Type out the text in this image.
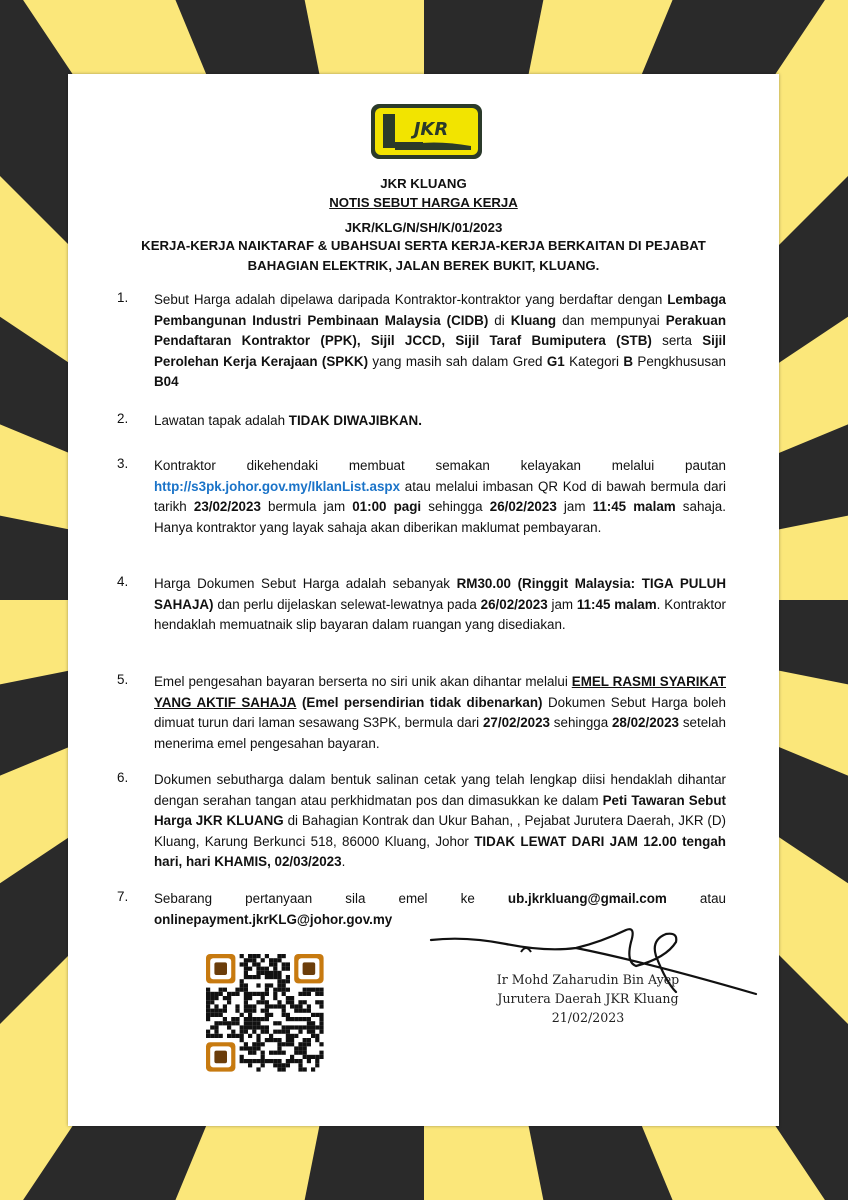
JKR
JKR KLUANG
NOTIS SEBUT HARGA KERJA
JKR/KLG/N/SH/K/01/2023
KERJA-KERJA NAIKTARAF & UBAHSUAI SERTA KERJA-KERJA BERKAITAN DI PEJABAT
BAHAGIAN ELEKTRIK, JALAN BEREK BUKIT, KLUANG.
1. Sebut Harga adalah dipelawa daripada Kontraktor-kontraktor yang berdaftar dengan Lembaga Pembangunan Industri Pembinaan Malaysia (CIDB) di Kluang dan mempunyai Perakuan Pendaftaran Kontraktor (PPK), Sijil JCCD, Sijil Taraf Bumiputera (STB) serta Sijil Perolehan Kerja Kerajaan (SPKK) yang masih sah dalam Gred G1 Kategori B Pengkhususan B04
2. Lawatan tapak adalah TIDAK DIWAJIBKAN.
3. Kontraktor dikehendaki membuat semakan kelayakan melalui pautan http://s3pk.johor.gov.my/IklanList.aspx atau melalui imbasan QR Kod di bawah bermula dari tarikh 23/02/2023 bermula jam 01:00 pagi sehingga 26/02/2023 jam 11:45 malam sahaja. Hanya kontraktor yang layak sahaja akan diberikan maklumat pembayaran.
4. Harga Dokumen Sebut Harga adalah sebanyak RM30.00 (Ringgit Malaysia: TIGA PULUH SAHAJA) dan perlu dijelaskan selewat-lewatnya pada 26/02/2023 jam 11:45 malam. Kontraktor hendaklah memuatnaik slip bayaran dalam ruangan yang disediakan.
5. Emel pengesahan bayaran berserta no siri unik akan dihantar melalui EMEL RASMI SYARIKAT YANG AKTIF SAHAJA (Emel persendirian tidak dibenarkan) Dokumen Sebut Harga boleh dimuat turun dari laman sesawang S3PK, bermula dari 27/02/2023 sehingga 28/02/2023 setelah menerima emel pengesahan bayaran.
6. Dokumen sebutharga dalam bentuk salinan cetak yang telah lengkap diisi hendaklah dihantar dengan serahan tangan atau perkhidmatan pos dan dimasukkan ke dalam Peti Tawaran Sebut Harga JKR KLUANG di Bahagian Kontrak dan Ukur Bahan, , Pejabat Jurutera Daerah, JKR (D) Kluang, Karung Berkunci 518, 86000 Kluang, Johor TIDAK LEWAT DARI JAM 12.00 tengah hari, hari KHAMIS, 02/03/2023.
7. Sebarang pertanyaan sila emel ke ub.jkrkluang@gmail.com atau onlinepayment.jkrKLG@johor.gov.my
Ir Mohd Zaharudin Bin Ayep
Jurutera Daerah JKR Kluang
21/02/2023
